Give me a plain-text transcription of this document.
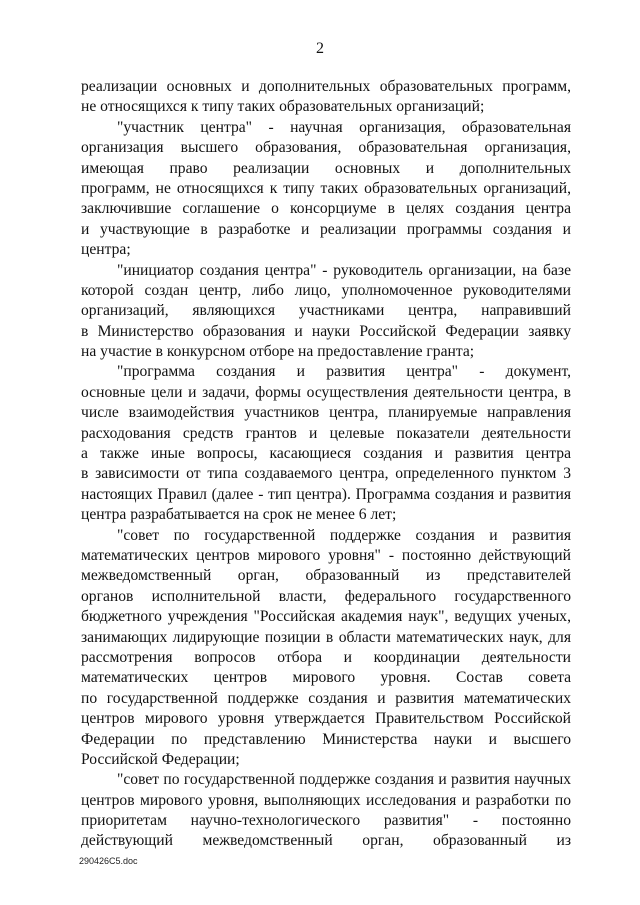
2
реализации основных и дополнительных образовательных программ,
не относящихся к типу таких образовательных организаций;
"участник центра" - научная организация, образовательная
организация высшего образования, образовательная организация,
имеющая право реализации основных и дополнительных
программ, не относящихся к типу таких образовательных организаций,
заключившие соглашение о консорциуме в целях создания центра
и участвующие в разработке и реализации программы создания и
центра;
"инициатор создания центра" - руководитель организации, на базе
которой создан центр, либо лицо, уполномоченное руководителями
организаций, являющихся участниками центра, направивший
в Министерство образования и науки Российской Федерации заявку
на участие в конкурсном отборе на предоставление гранта;
"программа создания и развития центра" - документ,
основные цели и задачи, формы осуществления деятельности центра, в
числе взаимодействия участников центра, планируемые направления
расходования средств грантов и целевые показатели деятельности
а также иные вопросы, касающиеся создания и развития центра
в зависимости от типа создаваемого центра, определенного пунктом 3
настоящих Правил (далее - тип центра). Программа создания и развития
центра разрабатывается на срок не менее 6 лет;
"совет по государственной поддержке создания и развития
математических центров мирового уровня" - постоянно действующий
межведомственный орган, образованный из представителей
органов исполнительной власти, федерального государственного
бюджетного учреждения "Российская академия наук", ведущих ученых,
занимающих лидирующие позиции в области математических наук, для
рассмотрения вопросов отбора и координации деятельности
математических центров мирового уровня. Состав совета
по государственной поддержке создания и развития математических
центров мирового уровня утверждается Правительством Российской
Федерации по представлению Министерства науки и высшего
Российской Федерации;
"совет по государственной поддержке создания и развития научных
центров мирового уровня, выполняющих исследования и разработки по
приоритетам научно-технологического развития" - постоянно
действующий межведомственный орган, образованный из
290426C5.doc
